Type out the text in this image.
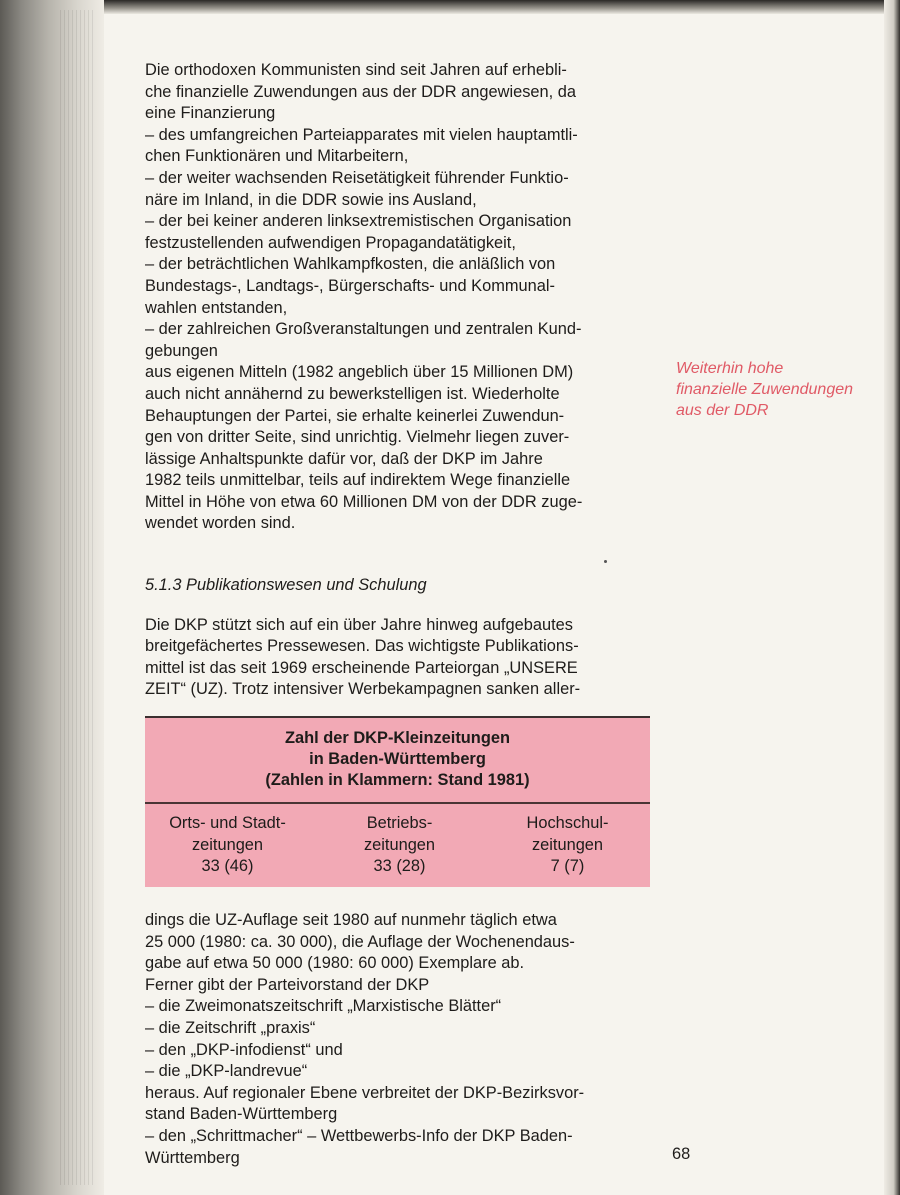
Die orthodoxen Kommunisten sind seit Jahren auf erhebli-
che finanzielle Zuwendungen aus der DDR angewiesen, da
eine Finanzierung
– des umfangreichen Parteiapparates mit vielen hauptamtli-
chen Funktionären und Mitarbeitern,
– der weiter wachsenden Reisetätigkeit führender Funktio-
näre im Inland, in die DDR sowie ins Ausland,
– der bei keiner anderen linksextremistischen Organisation
festzustellenden aufwendigen Propagandatätigkeit,
– der beträchtlichen Wahlkampfkosten, die anläßlich von
Bundestags-, Landtags-, Bürgerschafts- und Kommunal-
wahlen entstanden,
– der zahlreichen Großveranstaltungen und zentralen Kund-
gebungen
aus eigenen Mitteln (1982 angeblich über 15 Millionen DM)
auch nicht annähernd zu bewerkstelligen ist. Wiederholte
Behauptungen der Partei, sie erhalte keinerlei Zuwendun-
gen von dritter Seite, sind unrichtig. Vielmehr liegen zuver-
lässige Anhaltspunkte dafür vor, daß der DKP im Jahre
1982 teils unmittelbar, teils auf indirektem Wege finanzielle
Mittel in Höhe von etwa 60 Millionen DM von der DDR zuge-
wendet worden sind.
5.1.3 Publikationswesen und Schulung
Die DKP stützt sich auf ein über Jahre hinweg aufgebautes
breitgefächertes Pressewesen. Das wichtigste Publikations-
mittel ist das seit 1969 erscheinende Parteiorgan „UNSERE
ZEIT“ (UZ). Trotz intensiver Werbekampagnen sanken aller-
Weiterhin hohe
finanzielle Zuwendungen
aus der DDR
Zahl der DKP-Kleinzeitungen
in Baden-Württemberg
(Zahlen in Klammern: Stand 1981)
Orts- und Stadt-
zeitungen
33 (46)
Betriebs-
zeitungen
33 (28)
Hochschul-
zeitungen
7 (7)
dings die UZ-Auflage seit 1980 auf nunmehr täglich etwa
25 000 (1980: ca. 30 000), die Auflage der Wochenendaus-
gabe auf etwa 50 000 (1980: 60 000) Exemplare ab.
Ferner gibt der Parteivorstand der DKP
– die Zweimonatszeitschrift „Marxistische Blätter“
– die Zeitschrift „praxis“
– den „DKP-infodienst“ und
– die „DKP-landrevue“
heraus. Auf regionaler Ebene verbreitet der DKP-Bezirksvor-
stand Baden-Württemberg
– den „Schrittmacher“ – Wettbewerbs-Info der DKP Baden-
Württemberg	68
